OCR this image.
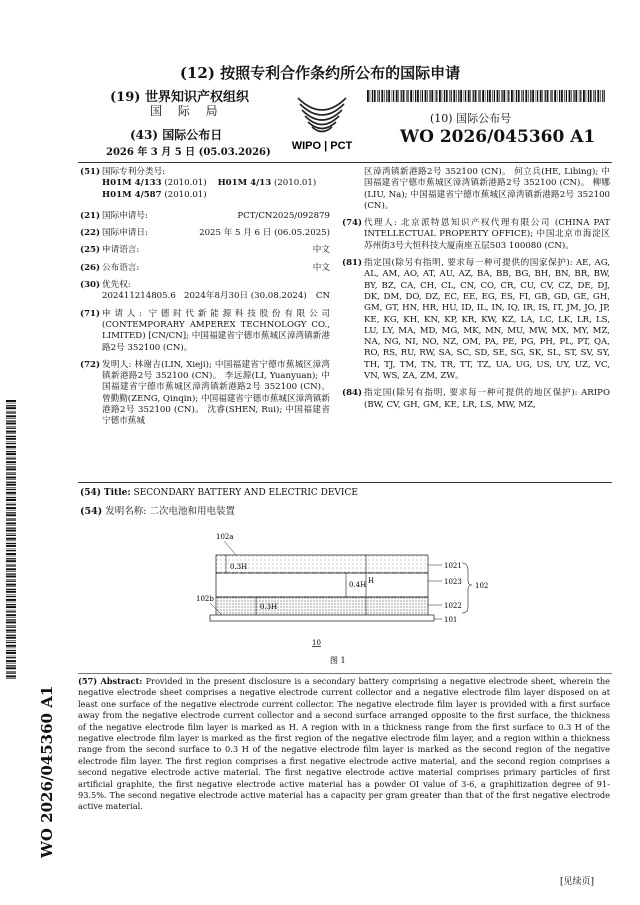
(12) 按照专利合作条约所公布的国际申请
(19) 世界知识产权组织
国 际 局
(43) 国际公布日
2026 年 3 月 5 日 (05.03.2026)
WIPO | PCT
(10) 国际公布号
WO 2026/045360 A1
(51) 国际专利分类号:
H01M 4/133 (2010.01) H01M 4/13 (2010.01)
H01M 4/587 (2010.01)
(21) 国际申请号:	PCT/CN2025/092879
(22) 国际申请日:	2025 年 5 月 6 日 (06.05.2025)
(25) 申请语言:	中文
(26) 公布语言:	中文
(30) 优先权:
202411214805.6 2024年8月30日 (30.08.2024)	CN
(71) 申请人: 宁德时代新能源科技股份有限公司 (CONTEMPORARY AMPEREX TECHNOLOGY CO., LIMITED) [CN/CN]; 中国福建省宁德市蕉城区漳湾镇新港路2号 352100 (CN)。
(72) 发明人: 林谢吉(LIN, Xieji); 中国福建省宁德市蕉城区漳湾镇新港路2号 352100 (CN)。 李远源(LI, Yuanyuan); 中国福建省宁德市蕉城区漳湾镇新港路2号 352100 (CN)。 曾勤勤(ZENG, Qinqin); 中国福建省宁德市蕉城区漳湾镇新港路2号 352100 (CN)。 沈睿(SHEN, Rui); 中国福建省宁德市蕉城
区漳湾镇新港路2号 352100 (CN)。 何立兵(HE, Libing); 中国福建省宁德市蕉城区漳湾镇新港路2号 352100 (CN)。 柳娜(LIU, Na); 中国福建省宁德市蕉城区漳湾镇新港路2号 352100 (CN)。
(74) 代理人: 北京派特恩知识产权代理有限公司 (CHINA PAT INTELLECTUAL PROPERTY OFFICE); 中国北京市海淀区苏州街3号大恒科技大厦南座五层503 100080 (CN)。
(81) 指定国(除另有指明, 要求每一种可提供的国家保护): AE, AG, AL, AM, AO, AT, AU, AZ, BA, BB, BG, BH, BN, BR, BW, BY, BZ, CA, CH, CL, CN, CO, CR, CU, CV, CZ, DE, DJ, DK, DM, DO, DZ, EC, EE, EG, ES, FI, GB, GD, GE, GH, GM, GT, HN, HR, HU, ID, IL, IN, IQ, IR, IS, IT, JM, JO, JP, KE, KG, KH, KN, KP, KR, KW, KZ, LA, LC, LK, LR, LS, LU, LY, MA, MD, MG, MK, MN, MU, MW, MX, MY, MZ, NA, NG, NI, NO, NZ, OM, PA, PE, PG, PH, PL, PT, QA, RO, RS, RU, RW, SA, SC, SD, SE, SG, SK, SL, ST, SV, SY, TH, TJ, TM, TN, TR, TT, TZ, UA, UG, US, UY, UZ, VC, VN, WS, ZA, ZM, ZW。
(84) 指定国(除另有指明, 要求每一种可提供的地区保护): ARIPO (BW, CV, GH, GM, KE, LR, LS, MW, MZ,
(54) Title: SECONDARY BATTERY AND ELECTRIC DEVICE
(54) 发明名称: 二次电池和用电装置
0.3H
0.4H
0.3H
H
102a
102b
1021
1023
1022
101
102
10
图 1
(57) Abstract: Provided in the present disclosure is a secondary battery comprising a negative electrode sheet, wherein the negative electrode sheet comprises a negative electrode current collector and a negative electrode film layer disposed on at least one surface of the negative electrode current collector. The negative electrode film layer is provided with a first surface away from the negative electrode current collector and a second surface arranged opposite to the first surface, the thickness of the negative electrode film layer is marked as H. A region with in a thickness range from the first surface to 0.3 H of the negative electrode film layer is marked as the first region of the negative electrode film layer, and a region within a thickness range from the second surface to 0.3 H of the negative electrode film layer is marked as the second region of the negative electrode film layer. The first region comprises a first negative electrode active material, and the second region comprises a second negative electrode active material. The first negative electrode active material comprises primary particles of first artificial graphite, the first negative electrode active material has a powder OI value of 3-6, a graphitization degree of 91-93.5%. The second negative electrode active material has a capacity per gram greater than that of the first negative electrode active material.
WO 2026/045360 A1
[见续页]
